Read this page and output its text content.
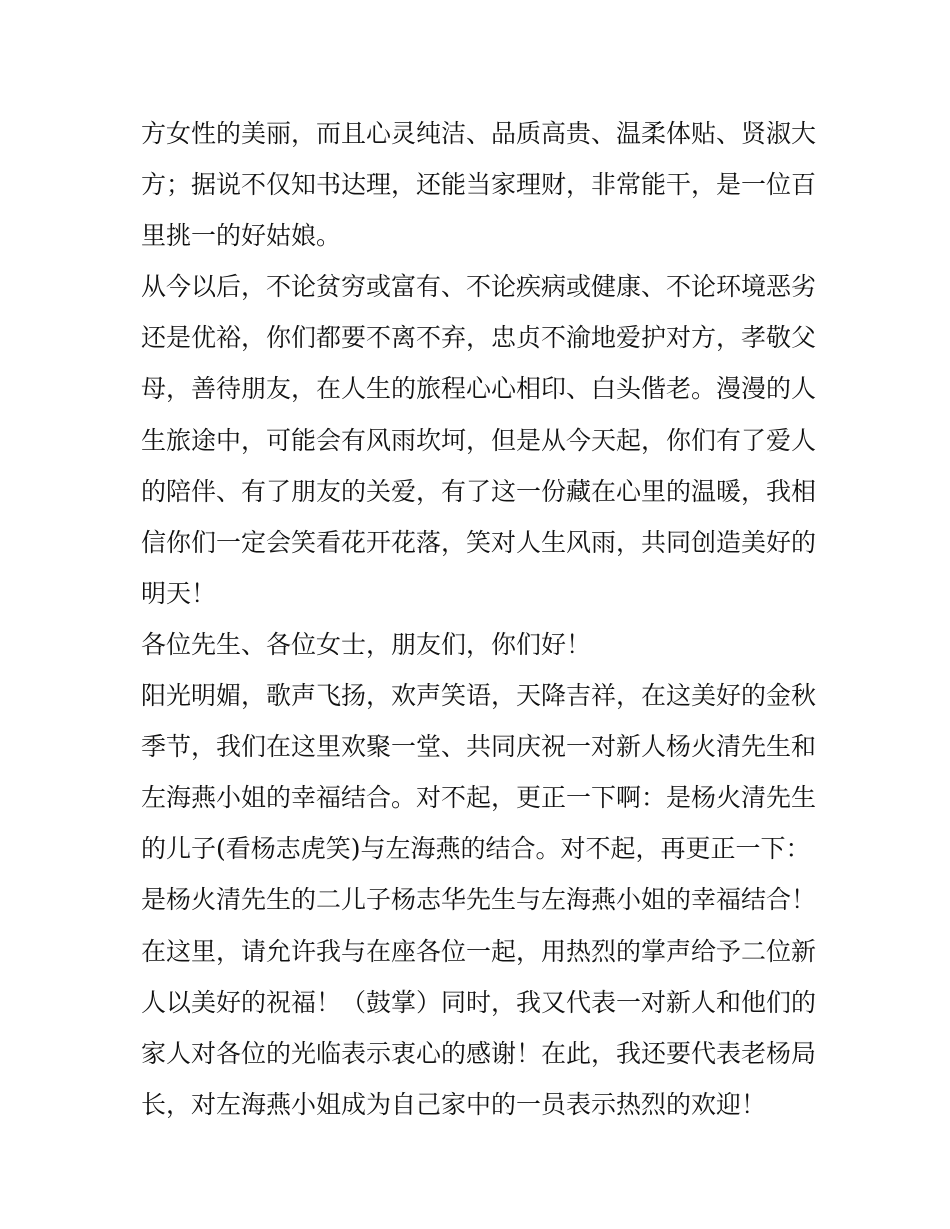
方女性的美丽，而且心灵纯洁、品质高贵、温柔体贴、贤淑大
方；据说不仅知书达理，还能当家理财，非常能干，是一位百
里挑一的好姑娘。
从今以后，不论贫穷或富有、不论疾病或健康、不论环境恶劣
还是优裕，你们都要不离不弃，忠贞不渝地爱护对方，孝敬父
母，善待朋友，在人生的旅程心心相印、白头偕老。漫漫的人
生旅途中，可能会有风雨坎坷，但是从今天起，你们有了爱人
的陪伴、有了朋友的关爱，有了这一份藏在心里的温暖，我相
信你们一定会笑看花开花落，笑对人生风雨，共同创造美好的
明天！
各位先生、各位女士，朋友们，你们好！
阳光明媚，歌声飞扬，欢声笑语，天降吉祥，在这美好的金秋
季节，我们在这里欢聚一堂、共同庆祝一对新人杨火清先生和
左海燕小姐的幸福结合。对不起，更正一下啊：是杨火清先生
的儿子(看杨志虎笑)与左海燕的结合。对不起，再更正一下：
是杨火清先生的二儿子杨志华先生与左海燕小姐的幸福结合！
在这里，请允许我与在座各位一起，用热烈的掌声给予二位新
人以美好的祝福！（鼓掌）同时，我又代表一对新人和他们的
家人对各位的光临表示衷心的感谢！在此，我还要代表老杨局
长，对左海燕小姐成为自己家中的一员表示热烈的欢迎！
